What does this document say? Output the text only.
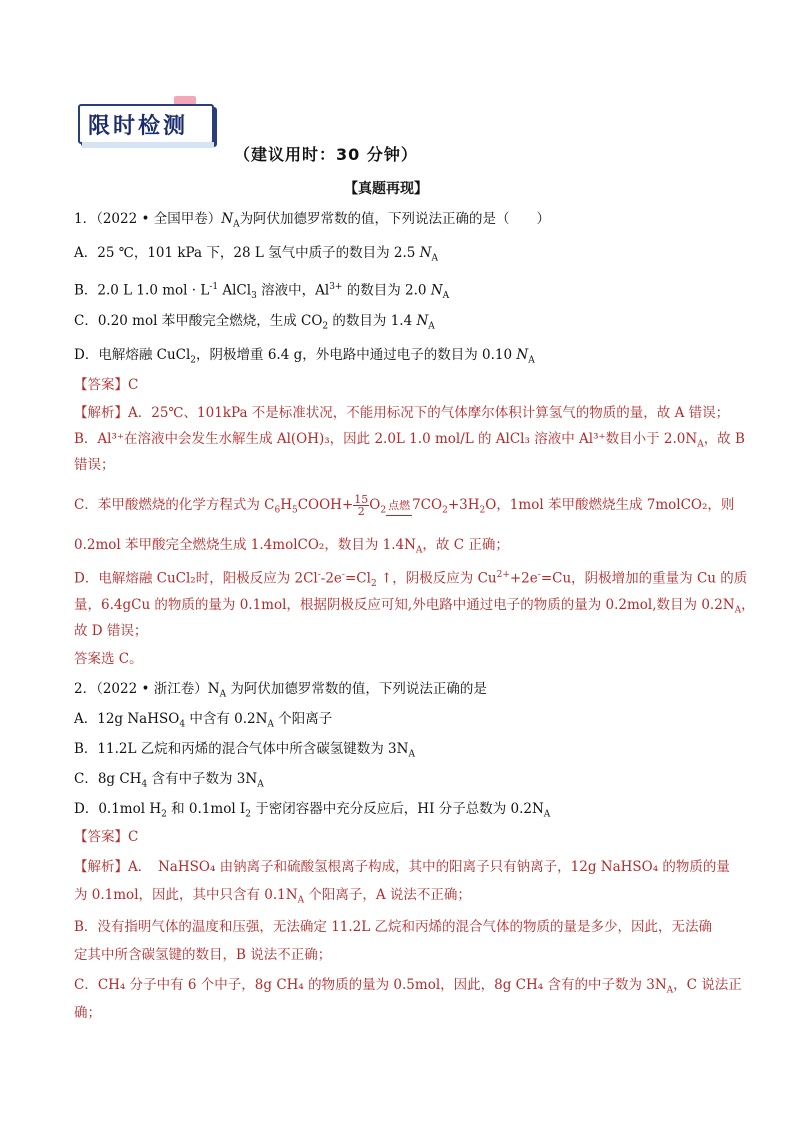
限时检测
（建议用时：30 分钟）
【真题再现】
1．（2022 • 全国甲卷）$N_A$为阿伏加德罗常数的值，下列说法正确的是（　　）
A．25 ℃，101 kPa 下，28 L 氢气中质子的数目为 2.5 $N_A$
B．2.0 L 1.0 mol · $L^{-1}$ AlCl$_3$ 溶液中，$Al^{3+}$ 的数目为 2.0 $N_A$
C．0.20 mol 苯甲酸完全燃烧，生成 $CO_2$ 的数目为 1.4 $N_A$
D．电解熔融 CuCl$_2$，阴极增重 6.4 g，外电路中通过电子的数目为 0.10 $N_A$
【答案】C
【解析】A．25℃、101kPa 不是标准状况，不能用标况下的气体摩尔体积计算氢气的物质的量，故 A 错误；
B．Al³⁺在溶液中会发生水解生成 Al(OH)₃，因此 2.0L 1.0 mol/L 的 AlCl₃ 溶液中 Al³⁺数目小于 $2.0N_A$，故 B
错误；
C．苯甲酸燃烧的化学方程式为 $C_6H_5COOH+ \frac{15}{2} O_2$ 点燃 $7CO_2+3H_2O$，1mol 苯甲酸燃烧生成 7molCO₂，则
0.2mol 苯甲酸完全燃烧生成 1.4molCO₂，数目为 $1.4N_A$，故 C 正确；
D．电解熔融 CuCl₂时，阳极反应为 $2Cl^--2e^-=Cl_2$ ↑，阴极反应为 $Cu^{2+}+2e^-=Cu$，阴极增加的重量为 Cu 的质
量，6.4gCu 的物质的量为 0.1mol，根据阴极反应可知,外电路中通过电子的物质的量为 0.2mol,数目为 $0.2N_A$，
故 D 错误；
答案选 C。
2．（2022 • 浙江卷）$N_A$ 为阿伏加德罗常数的值，下列说法正确的是
A．12g NaHSO$_4$ 中含有 $0.2N_A$ 个阳离子
B．11.2L 乙烷和丙烯的混合气体中所含碳氢键数为 $3N_A$
C．8g $CH_4$ 含有中子数为 $3N_A$
D．0.1mol $H_2$ 和 0.1mol $I_2$ 于密闭容器中充分反应后，HI 分子总数为 $0.2N_A$
【答案】C
【解析】A．　NaHSO₄ 由钠离子和硫酸氢根离子构成，其中的阳离子只有钠离子，12g NaHSO₄ 的物质的量
为 0.1mol，因此，其中只含有 $0.1N_A$ 个阳离子，A 说法不正确；
B．没有指明气体的温度和压强，无法确定 11.2L 乙烷和丙烯的混合气体的物质的量是多少，因此，无法确
定其中所含碳氢键的数目，B 说法不正确；
C．CH₄ 分子中有 6 个中子，8g CH₄ 的物质的量为 0.5mol，因此，8g CH₄ 含有的中子数为 $3N_A$，C 说法正
确；
